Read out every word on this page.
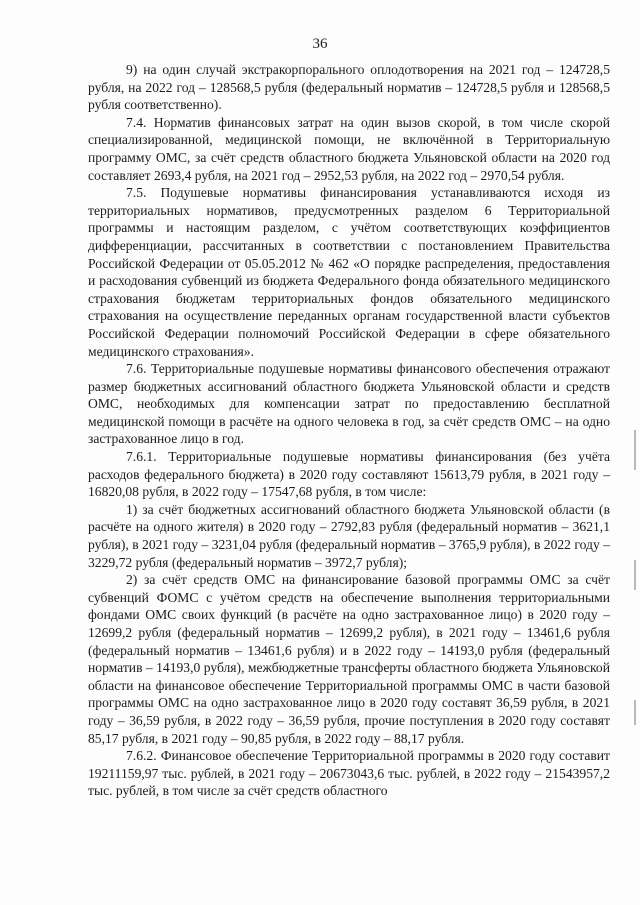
36

9) на один случай экстракорпорального оплодотворения на 2021 год – 124728,5 рубля, на 2022 год – 128568,5 рубля (федеральный норматив – 124728,5 рубля и 128568,5 рубля соответственно).

7.4. Норматив финансовых затрат на один вызов скорой, в том числе скорой специализированной, медицинской помощи, не включённой в Территориальную программу ОМС, за счёт средств областного бюджета Ульяновской области на 2020 год составляет 2693,4 рубля, на 2021 год – 2952,53 рубля, на 2022 год – 2970,54 рубля.

7.5. Подушевые нормативы финансирования устанавливаются исходя из территориальных нормативов, предусмотренных разделом 6 Территориальной программы и настоящим разделом, с учётом соответствующих коэффициентов дифференциации, рассчитанных в соответствии с постановлением Правительства Российской Федерации от 05.05.2012 № 462 «О порядке распределения, предоставления и расходования субвенций из бюджета Федерального фонда обязательного медицинского страхования бюджетам территориальных фондов обязательного медицинского страхования на осуществление переданных органам государственной власти субъектов Российской Федерации полномочий Российской Федерации в сфере обязательного медицинского страхования».

7.6. Территориальные подушевые нормативы финансового обеспечения отражают размер бюджетных ассигнований областного бюджета Ульяновской области и средств ОМС, необходимых для компенсации затрат по предоставлению бесплатной медицинской помощи в расчёте на одного человека в год, за счёт средств ОМС – на одно застрахованное лицо в год.

7.6.1. Территориальные подушевые нормативы финансирования (без учёта расходов федерального бюджета) в 2020 году составляют 15613,79 рубля, в 2021 году – 16820,08 рубля, в 2022 году – 17547,68 рубля, в том числе:

1) за счёт бюджетных ассигнований областного бюджета Ульяновской области (в расчёте на одного жителя) в 2020 году – 2792,83 рубля (федеральный норматив – 3621,1 рубля), в 2021 году – 3231,04 рубля (федеральный норматив – 3765,9 рубля), в 2022 году – 3229,72 рубля (федеральный норматив – 3972,7 рубля);

2) за счёт средств ОМС на финансирование базовой программы ОМС за счёт субвенций ФОМС с учётом средств на обеспечение выполнения территориальными фондами ОМС своих функций (в расчёте на одно застрахованное лицо) в 2020 году – 12699,2 рубля (федеральный норматив – 12699,2 рубля), в 2021 году – 13461,6 рубля (федеральный норматив – 13461,6 рубля) и в 2022 году – 14193,0 рубля (федеральный норматив – 14193,0 рубля), межбюджетные трансферты областного бюджета Ульяновской области на финансовое обеспечение Территориальной программы ОМС в части базовой программы ОМС на одно застрахованное лицо в 2020 году составят 36,59 рубля, в 2021 году – 36,59 рубля, в 2022 году – 36,59 рубля, прочие поступления в 2020 году составят 85,17 рубля, в 2021 году – 90,85 рубля, в 2022 году – 88,17 рубля.

7.6.2. Финансовое обеспечение Территориальной программы в 2020 году составит 19211159,97 тыс. рублей, в 2021 году – 20673043,6 тыс. рублей, в 2022 году – 21543957,2 тыс. рублей, в том числе за счёт средств областного
